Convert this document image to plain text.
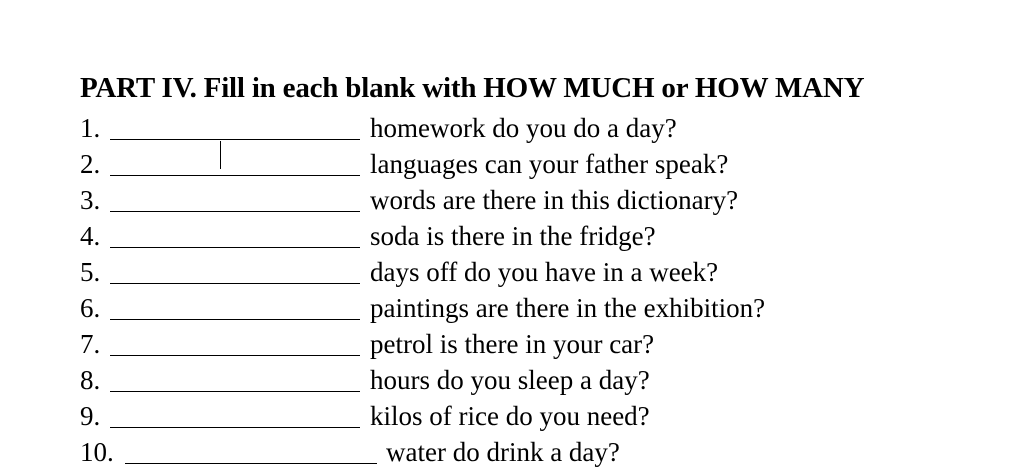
PART IV. Fill in each blank with HOW MUCH or HOW MANY
1.	homework do you do a day?
2.	languages can your father speak?
3.	words are there in this dictionary?
4.	soda is there in the fridge?
5.	days off do you have in a week?
6.	paintings are there in the exhibition?
7.	petrol is there in your car?
8.	hours do you sleep a day?
9.	kilos of rice do you need?
10.	water do drink a day?
